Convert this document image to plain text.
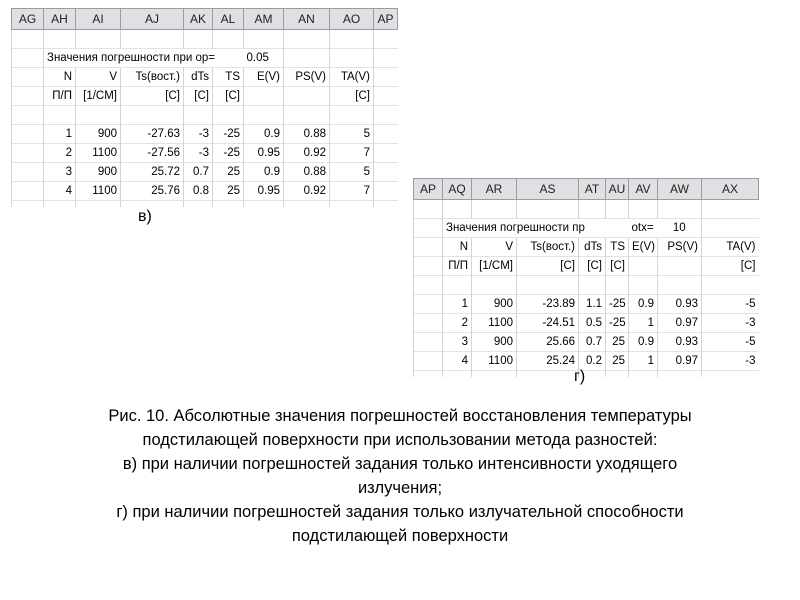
AG	AH	AI	AJ	AK	AL	AM	AN	AO	AP

	Значения погрешности при ор=					0.05			
	N	V	Ts(вост.)	dTs	TS	E(V)	PS(V)	TA(V)	
	П/П	[1/CM]	[C]	[C]	[C]			[C]	

	1	900	-27.63	-3	-25	0.9	0.88	5	
	2	1100	-27.56	-3	-25	0.95	0.92	7	
	3	900	25.72	0.7	25	0.9	0.88	5	
	4	1100	25.76	0.8	25	0.95	0.92	7	

в)
AP	AQ	AR	AS	AT	AU	AV	AW	AX

	Значения погрешности пр					otx=	10	
	N	V	Ts(вост.)	dTs	TS	E(V)	PS(V)	TA(V)
	П/П	[1/CM]	[C]	[C]	[C]			[C]

	1	900	-23.89	1.1	-25	0.9	0.93	-5
	2	1100	-24.51	0.5	-25	1	0.97	-3
	3	900	25.66	0.7	25	0.9	0.93	-5
	4	1100	25.24	0.2	25	1	0.97	-3

г)
Рис. 10. Абсолютные значения погрешностей восстановления температуры
подстилающей поверхности при использовании метода разностей:
в) при наличии погрешностей задания только интенсивности уходящего
излучения;
г) при наличии погрешностей задания только излучательной способности
подстилающей поверхности
